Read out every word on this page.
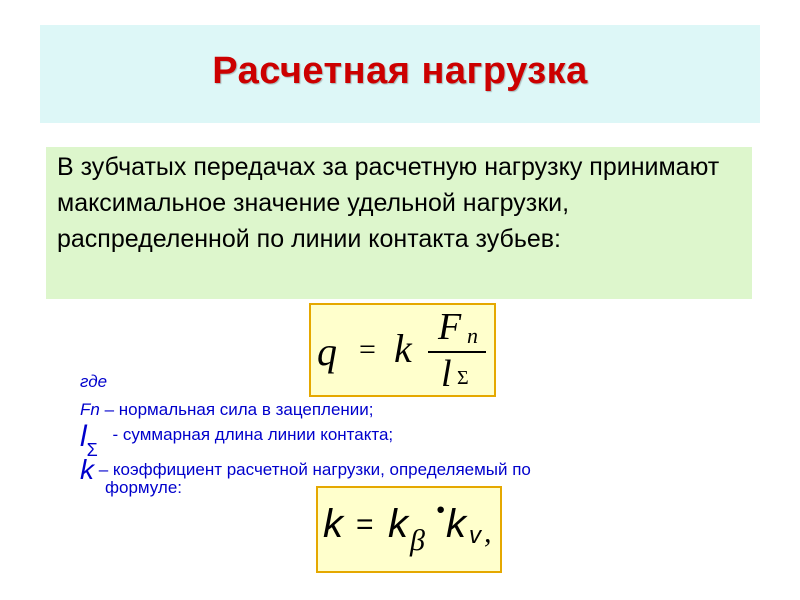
Расчетная нагрузка
В зубчатых передачах за расчетную нагрузку принимают максимальное значение удельной нагрузки, распределенной по линии контакта зубьев:
q = k F n
l Σ
где
Fn – нормальная сила в зацеплении;
lΣ - суммарная длина линии контакта;
k – коэффициент расчетной нагрузки, определяемый по
формуле:
k = k β
·
k v ,
